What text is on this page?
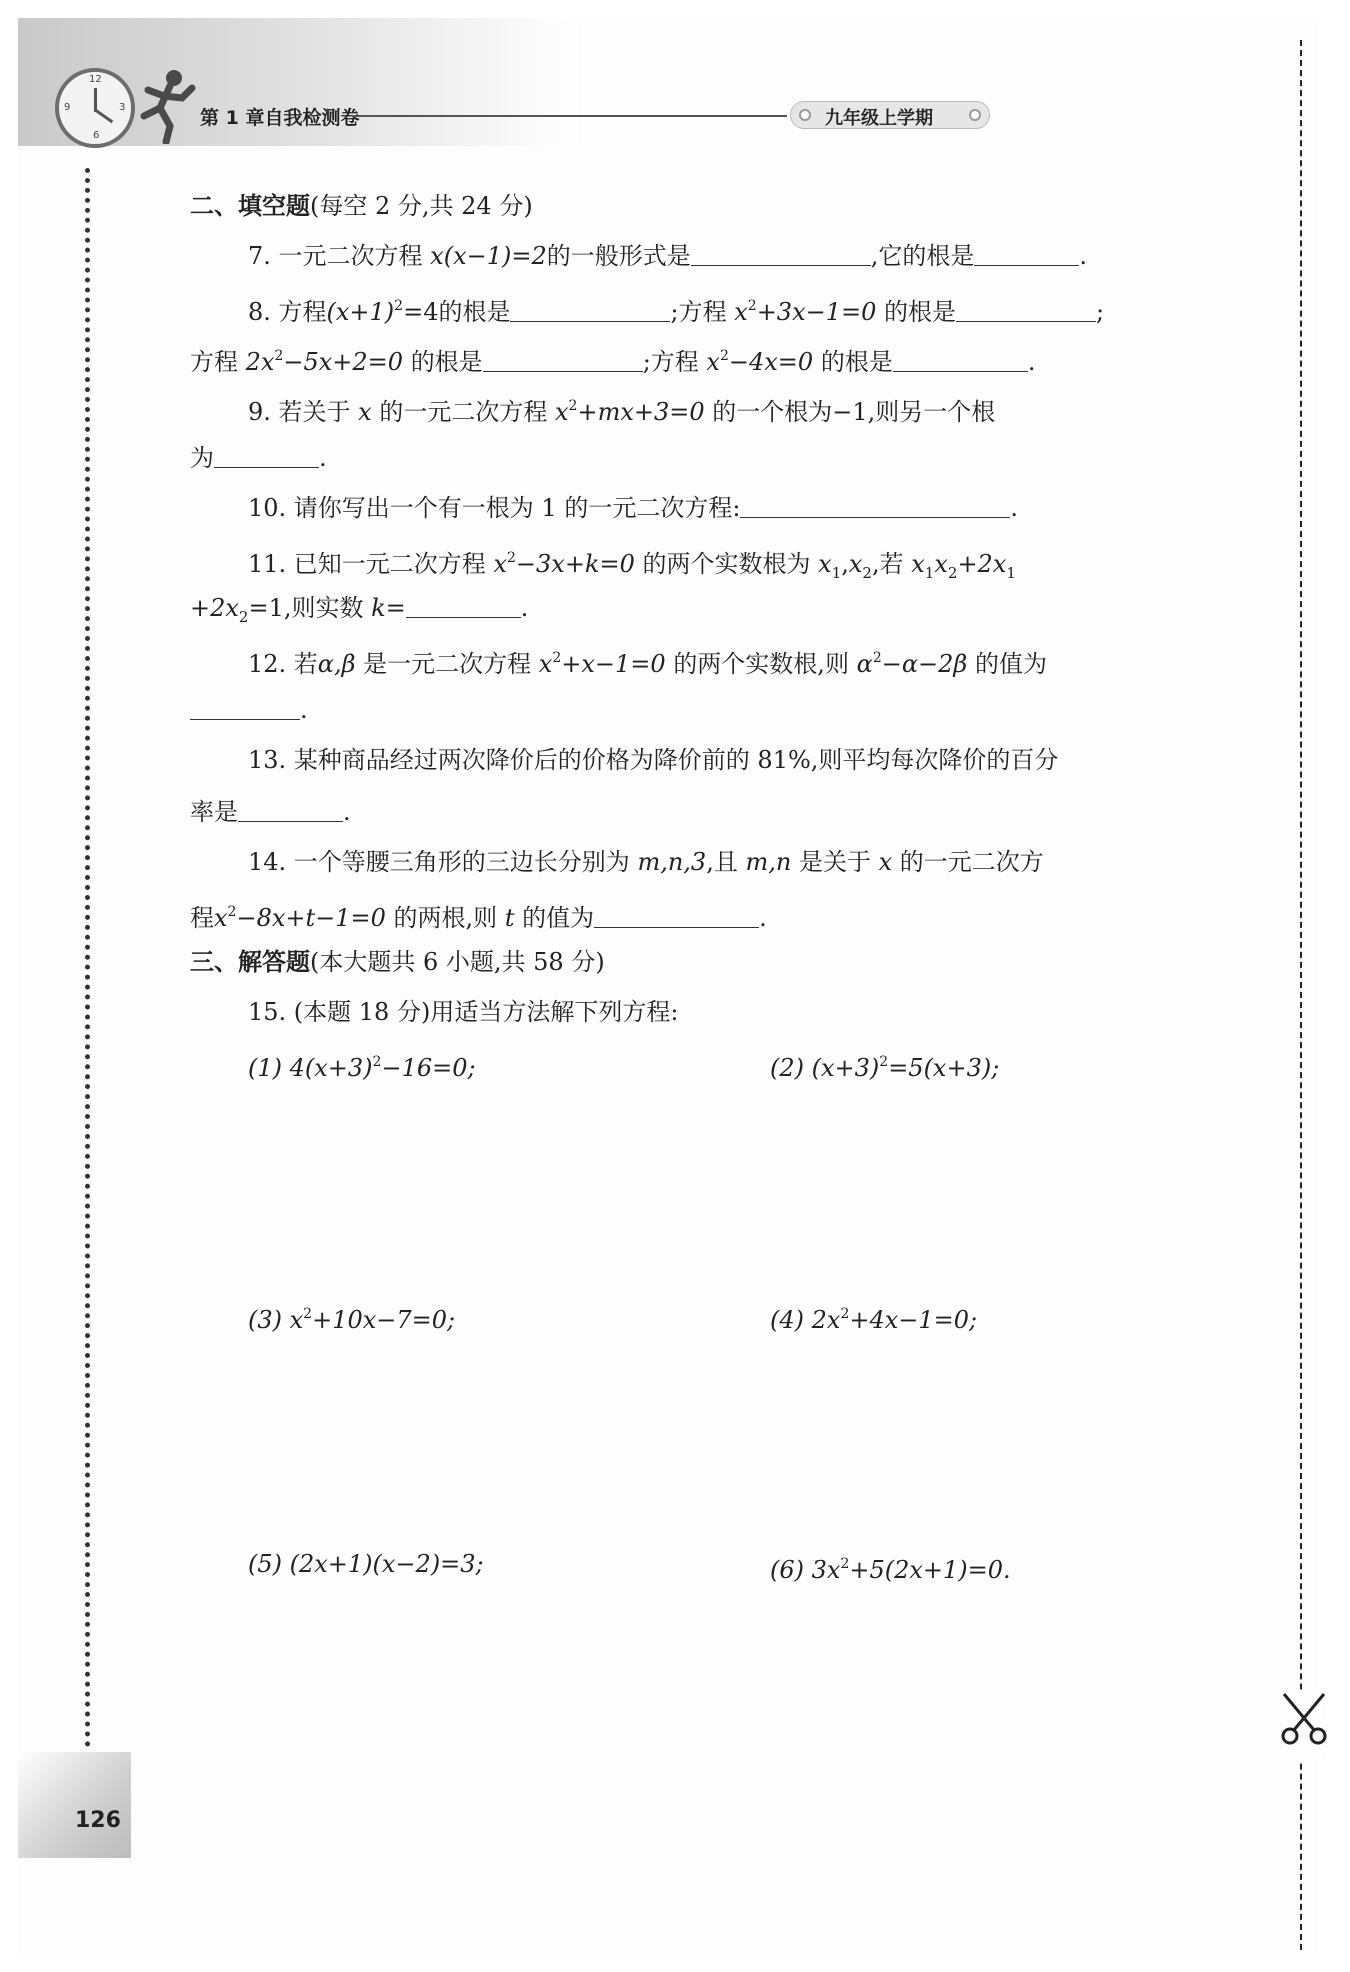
12
3
6
9	第 1 章自我检测卷	九年级上学期
126
二、填空题(每空 2 分,共 24 分)
7. 一元二次方程 x(x−1)=2的一般形式是	,它的根是	.
8. 方程$(x+1)^2=4$的根是	;方程 $x^2+3x-1=0$ 的根是	;
方程 $2x^2-5x+2=0$ 的根是	;方程 $x^2-4x=0$ 的根是	.
9. 若关于 x 的一元二次方程 $x^2+mx+3=0$ 的一个根为−1,则另一个根
为	.
10. 请你写出一个有一根为 1 的一元二次方程:	.
11. 已知一元二次方程 $x^2-3x+k=0$ 的两个实数根为 $x_1,x_2$,若 $x_1x_2+2x_1$
$+2x_2=1$,则实数 k=	.
12. 若α,β 是一元二次方程 $x^2+x-1=0$ 的两个实数根,则 $\alpha^2-\alpha-2\beta$ 的值为
.
13. 某种商品经过两次降价后的价格为降价前的 81%,则平均每次降价的百分
率是	.
14. 一个等腰三角形的三边长分别为 m,n,3,且 m,n 是关于 x 的一元二次方
程$x^2-8x+t-1=0$ 的两根,则 t 的值为	.
三、解答题(本大题共 6 小题,共 58 分)
15. (本题 18 分)用适当方法解下列方程:
(1) $4(x+3)^2-16=0$;	(2) $(x+3)^2=5(x+3)$;
(3) $x^2+10x-7=0$;	(4) $2x^2+4x-1=0$;
(5) (2x+1)(x−2)=3;	(6) $3x^2+5(2x+1)=0$.
